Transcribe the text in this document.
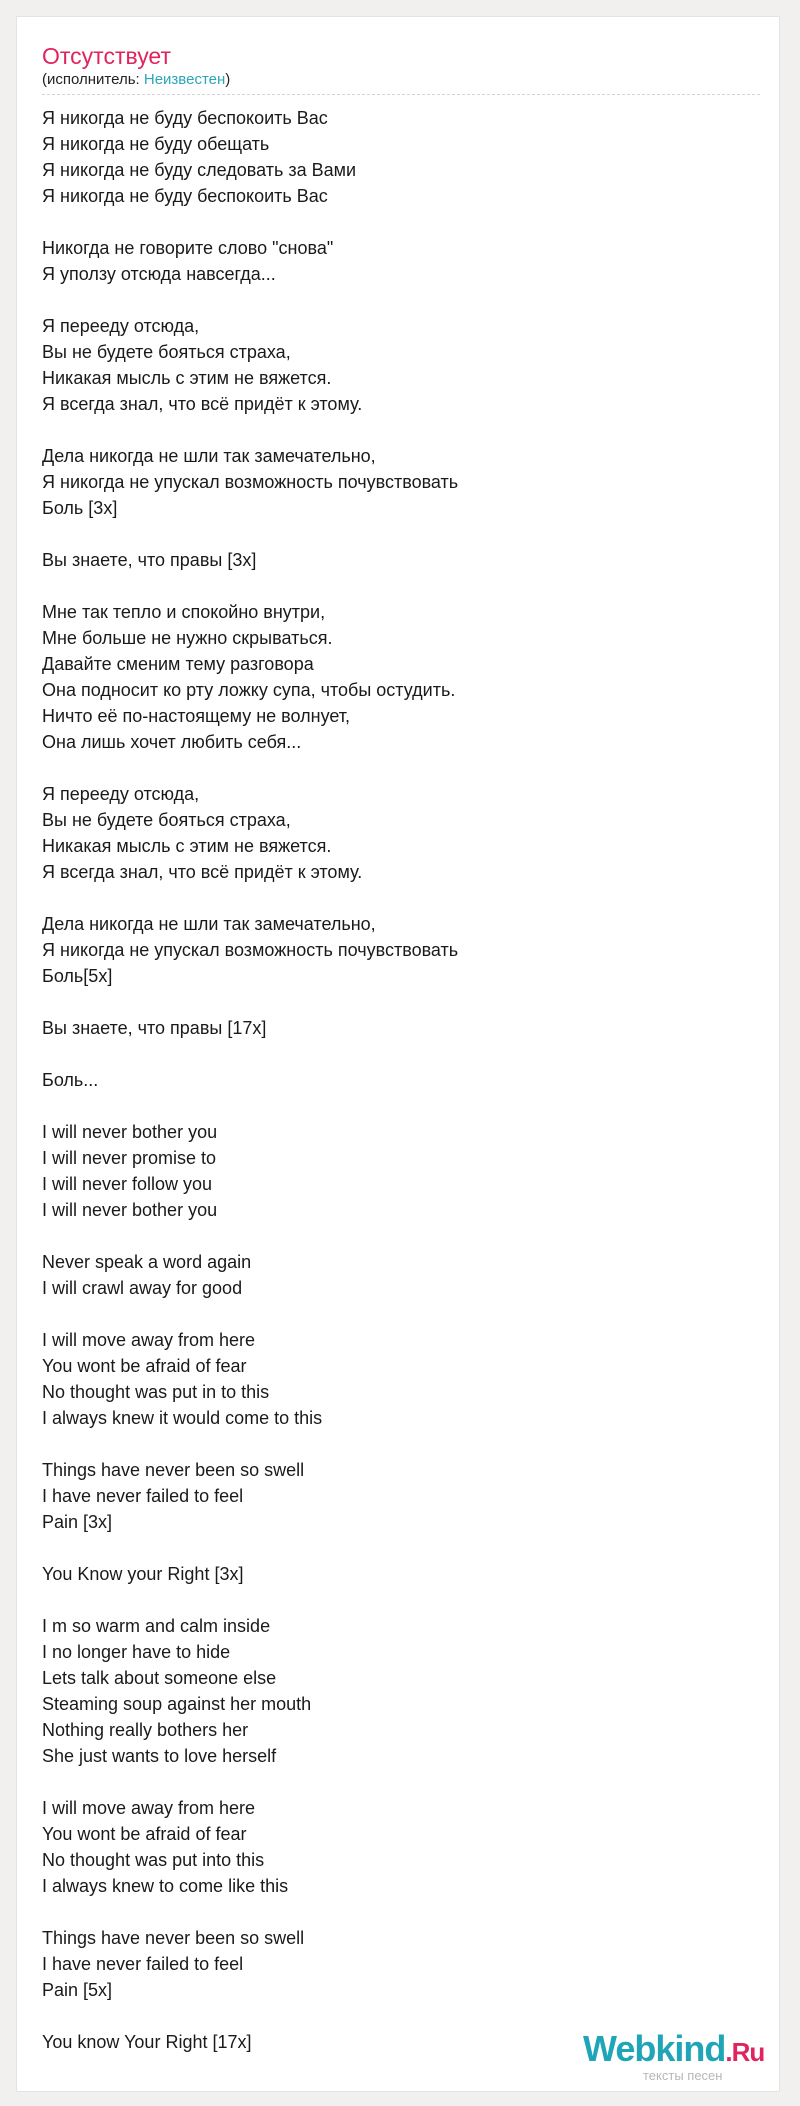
Отсутствует
(исполнитель: Неизвестен)
Я никогда не буду беспокоить Вас
Я никогда не буду обещать
Я никогда не буду следовать за Вами
Я никогда не буду беспокоить Вас
Никогда не говорите слово "снова"
Я уползу отсюда навсегда...
Я перееду отсюда,
Вы не будете бояться страха,
Никакая мысль с этим не вяжется.
Я всегда знал, что всё придёт к этому.
Дела никогда не шли так замечательно,
Я никогда не упускал возможность почувствовать
Боль [3x]
Вы знаете, что правы [3x]
Мне так тепло и спокойно внутри,
Мне больше не нужно скрываться.
Давайте сменим тему разговора
Она подносит ко рту ложку супа, чтобы остудить.
Ничто её по-настоящему не волнует,
Она лишь хочет любить себя...
Я перееду отсюда,
Вы не будете бояться страха,
Никакая мысль с этим не вяжется.
Я всегда знал, что всё придёт к этому.
Дела никогда не шли так замечательно,
Я никогда не упускал возможность почувствовать
Боль[5x]
Вы знаете, что правы [17x]
Боль...
I will never bother you
I will never promise to
I will never follow you
I will never bother you
Never speak a word again
I will crawl away for good
I will move away from here
You wont be afraid of fear
No thought was put in to this
I always knew it would come to this
Things have never been so swell
I have never failed to feel
Pain [3x]
You Know your Right [3x]
I m so warm and calm inside
I no longer have to hide
Lets talk about someone else
Steaming soup against her mouth
Nothing really bothers her
She just wants to love herself
I will move away from here
You wont be afraid of fear
No thought was put into this
I always knew to come like this
Things have never been so swell
I have never failed to feel
Pain [5x]
You know Your Right [17x]	Webkind.Ru
тексты песен
